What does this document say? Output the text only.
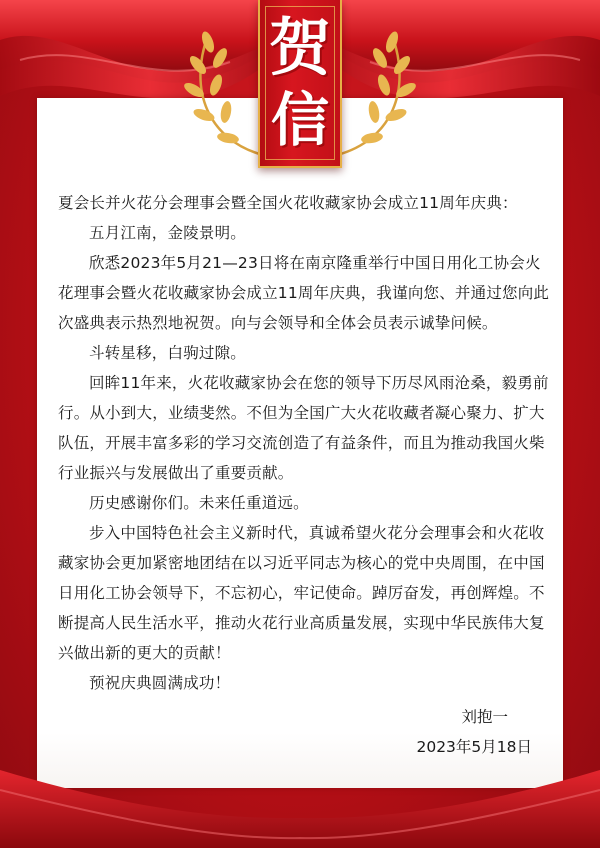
贺
信

夏会长并火花分会理事会暨全国火花收藏家协会成立11周年庆典：

五月江南，金陵景明。

欣悉2023年5月21—23日将在南京隆重举行中国日用化工协会火花理事会暨火花收藏家协会成立11周年庆典，我谨向您、并通过您向此次盛典表示热烈地祝贺。向与会领导和全体会员表示诚挚问候。

斗转星移，白驹过隙。

回眸11年来，火花收藏家协会在您的领导下历尽风雨沧桑，毅勇前行。从小到大，业绩斐然。不但为全国广大火花收藏者凝心聚力、扩大队伍，开展丰富多彩的学习交流创造了有益条件，而且为推动我国火柴行业振兴与发展做出了重要贡献。

历史感谢你们。未来任重道远。

步入中国特色社会主义新时代，真诚希望火花分会理事会和火花收藏家协会更加紧密地团结在以习近平同志为核心的党中央周围，在中国日用化工协会领导下，不忘初心，牢记使命。踔厉奋发，再创辉煌。不断提高人民生活水平，推动火花行业高质量发展，实现中华民族伟大复兴做出新的更大的贡献！

预祝庆典圆满成功！

刘抱一
2023年5月18日
